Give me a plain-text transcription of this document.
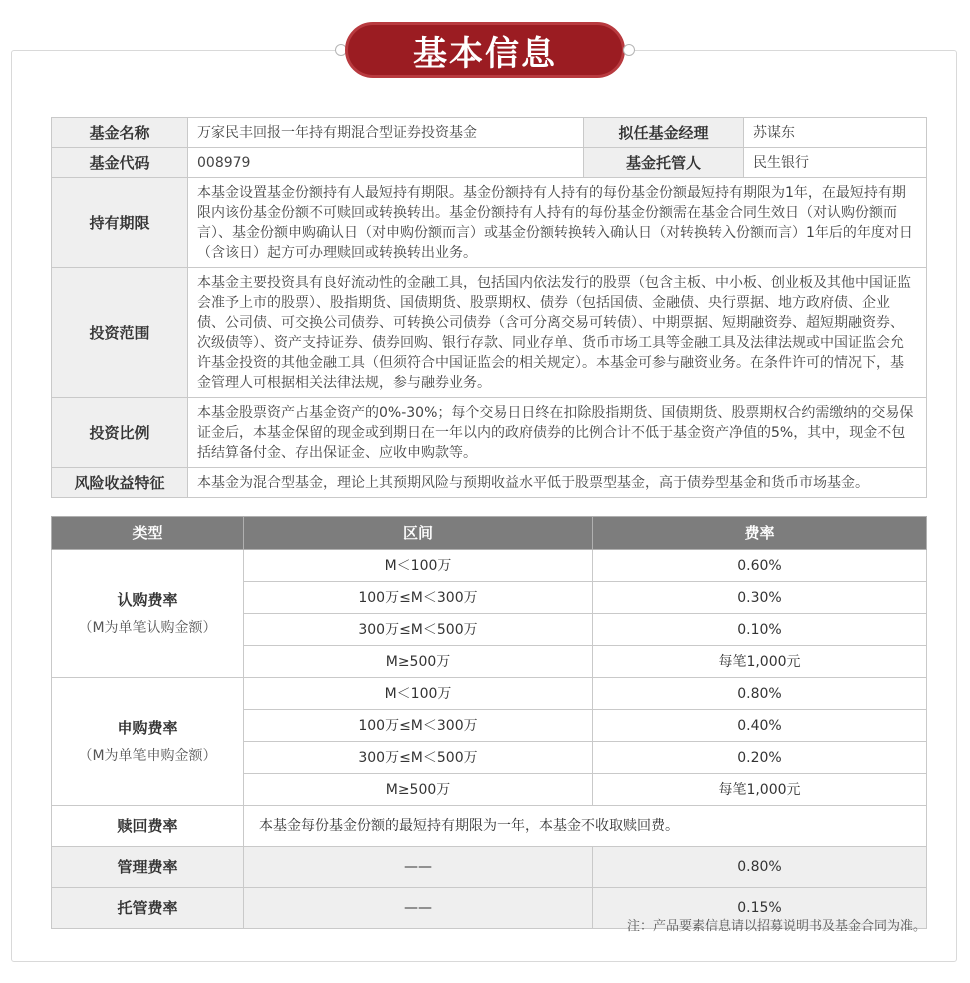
基本信息
基金名称	万家民丰回报一年持有期混合型证券投资基金	拟任基金经理	苏谋东
基金代码	008979	基金托管人	民生银行
持有期限	本基金设置基金份额持有人最短持有期限。基金份额持有人持有的每份基金份额最短持有期限为1年，在最短持有期限内该份基金份额不可赎回或转换转出。基金份额持有人持有的每份基金份额需在基金合同生效日（对认购份额而言）、基金份额申购确认日（对申购份额而言）或基金份额转换转入确认日（对转换转入份额而言）1年后的年度对日（含该日）起方可办理赎回或转换转出业务。		
投资范围	本基金主要投资具有良好流动性的金融工具，包括国内依法发行的股票（包含主板、中小板、创业板及其他中国证监会准予上市的股票）、股指期货、国债期货、股票期权、债券（包括国债、金融债、央行票据、地方政府债、企业债、公司债、可交换公司债券、可转换公司债券（含可分离交易可转债）、中期票据、短期融资券、超短期融资券、次级债等）、资产支持证券、债券回购、银行存款、同业存单、货币市场工具等金融工具及法律法规或中国证监会允许基金投资的其他金融工具（但须符合中国证监会的相关规定）。本基金可参与融资业务。在条件许可的情况下，基金管理人可根据相关法律法规，参与融券业务。		
投资比例	本基金股票资产占基金资产的0%-30%；每个交易日日终在扣除股指期货、国债期货、股票期权合约需缴纳的交易保证金后，本基金保留的现金或到期日在一年以内的政府债券的比例合计不低于基金资产净值的5%，其中，现金不包括结算备付金、存出保证金、应收申购款等。		
风险收益特征	本基金为混合型基金，理论上其预期风险与预期收益水平低于股票型基金，高于债券型基金和货币市场基金。		
类型	区间	费率
认购费率
（M为单笔认购金额）	M＜100万	0.60%
	100万≤M＜300万	0.30%
	300万≤M＜500万	0.10%
	M≥500万	每笔1,000元
申购费率
（M为单笔申购金额）	M＜100万	0.80%
	100万≤M＜300万	0.40%
	300万≤M＜500万	0.20%
	M≥500万	每笔1,000元
赎回费率	本基金每份基金份额的最短持有期限为一年，本基金不收取赎回费。	
管理费率	——	0.80%
托管费率	——	0.15%
注：产品要素信息请以招募说明书及基金合同为准。
